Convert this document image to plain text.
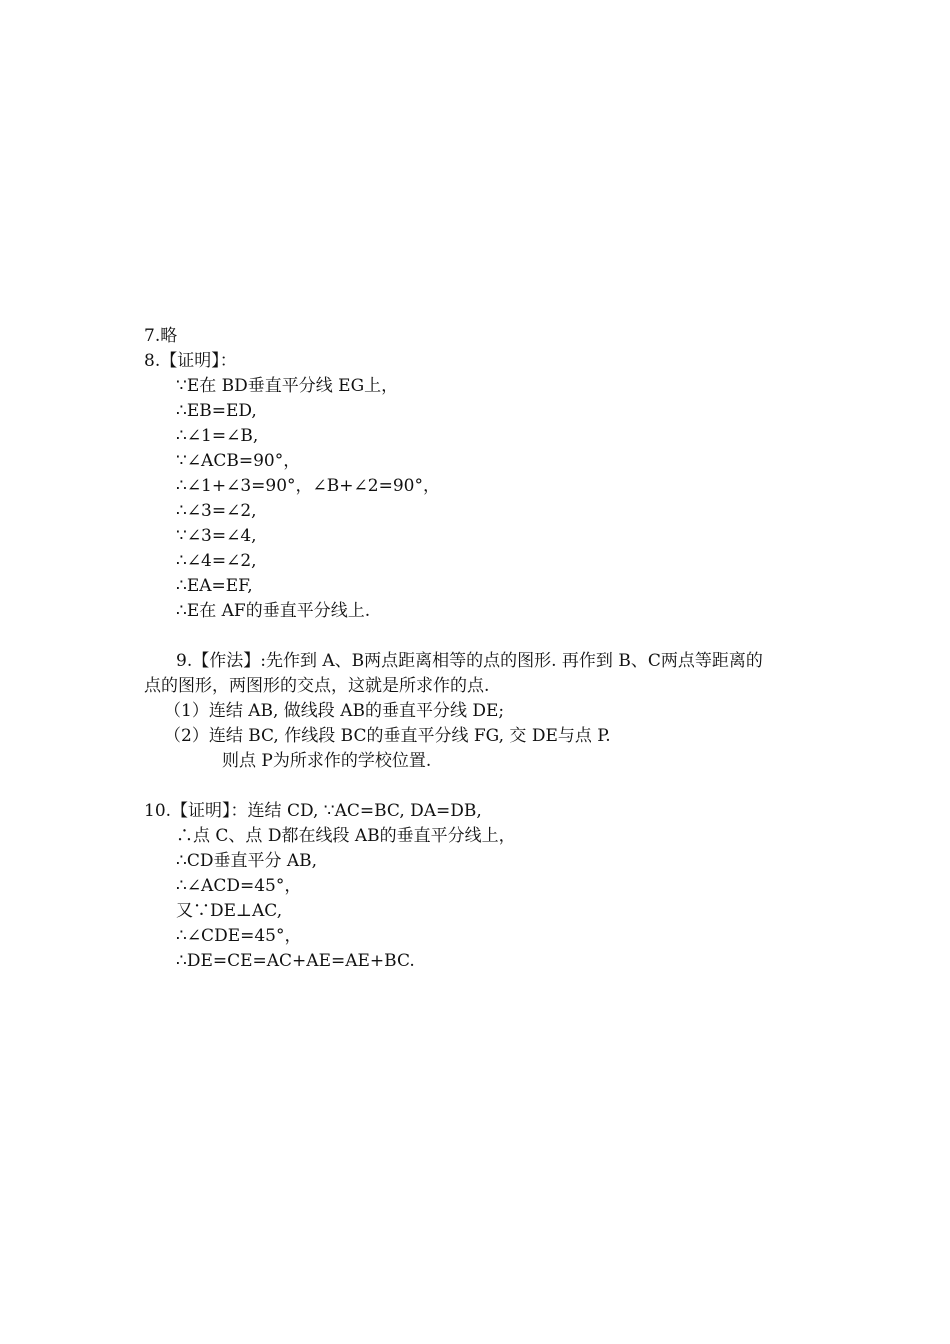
7.略
8.【证明】：
∵E在 BD垂直平分线 EG上，
∴EB=ED,
∴∠1=∠B,
∵∠ACB=90°，
∴∠1+∠3=90°，∠B+∠2=90°，
∴∠3=∠2,
∵∠3=∠4,
∴∠4=∠2,
∴EA=EF,
∴E在 AF的垂直平分线上.
9.【作法】:先作到 A、B两点距离相等的点的图形. 再作到 B、C两点等距离的
点的图形，两图形的交点，这就是所求作的点.
（1）连结 AB, 做线段 AB的垂直平分线 DE;
（2）连结 BC, 作线段 BC的垂直平分线 FG, 交 DE与点 P.
则点 P为所求作的学校位置.
10.【证明】：连结 CD, ∵AC=BC, DA=DB,
∴点 C、点 D都在线段 AB的垂直平分线上，
∴CD垂直平分 AB,
∴∠ACD=45°，
又∵DE⊥AC,
∴∠CDE=45°，
∴DE=CE=AC+AE=AE+BC.
